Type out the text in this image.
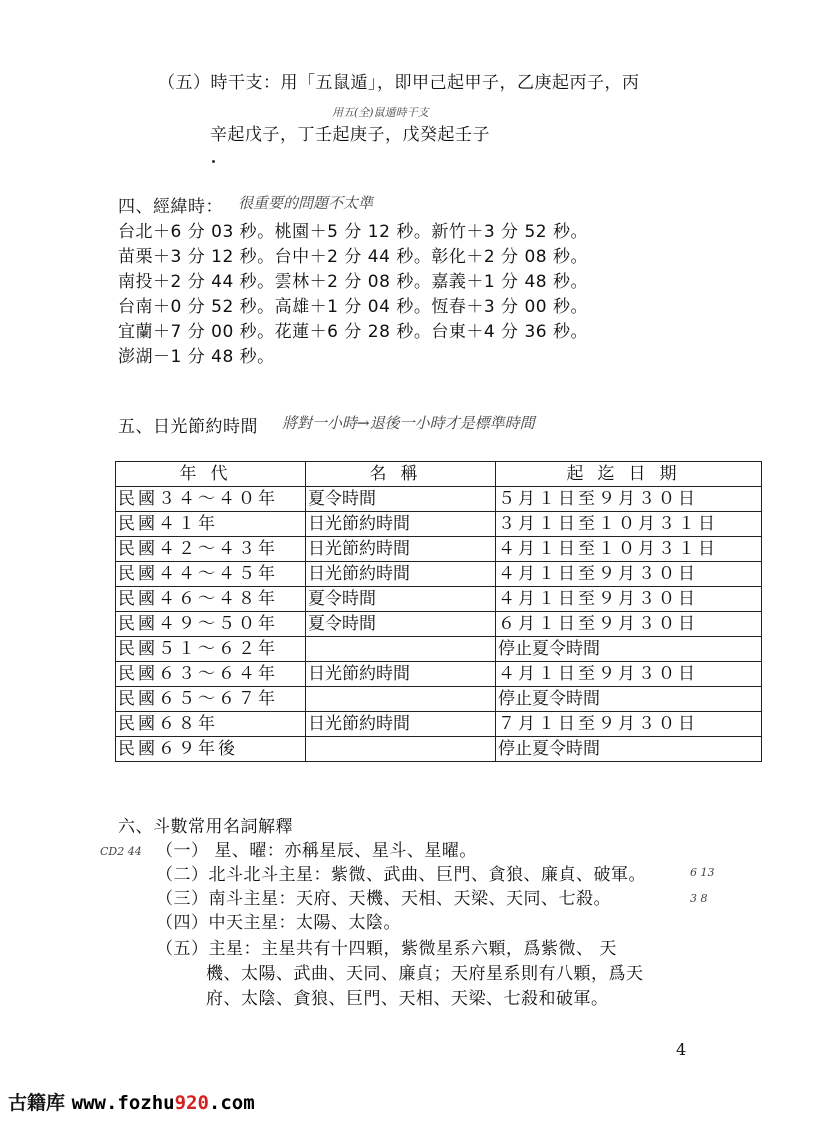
（五）時干支：用「五鼠遁」，即甲己起甲子，乙庚起丙子，丙
用五(全)鼠遁時干支
辛起戊子，丁壬起庚子，戊癸起壬子
四、經緯時： 很重要的問題不太準
台北＋6 分 03 秒。桃園＋5 分 12 秒。新竹＋3 分 52 秒。
苗栗＋3 分 12 秒。台中＋2 分 44 秒。彰化＋2 分 08 秒。
南投＋2 分 44 秒。雲林＋2 分 08 秒。嘉義＋1 分 48 秒。
台南＋0 分 52 秒。高雄＋1 分 04 秒。恆春＋3 分 00 秒。
宜蘭＋7 分 00 秒。花蓮＋6 分 28 秒。台東＋4 分 36 秒。
澎湖－1 分 48 秒。
五、日光節約時間 將對一小時→退後一小時才是標準時間
年代	名稱	起迄日期
民國３４～４０年	夏令時間	５月１日至９月３０日
民國４１年	日光節約時間	３月１日至１０月３１日
民國４２～４３年	日光節約時間	４月１日至１０月３１日
民國４４～４５年	日光節約時間	４月１日至９月３０日
民國４６～４８年	夏令時間	４月１日至９月３０日
民國４９～５０年	夏令時間	６月１日至９月３０日
民國５１～６２年		停止夏令時間
民國６３～６４年	日光節約時間	４月１日至９月３０日
民國６５～６７年		停止夏令時間
民國６８年	日光節約時間	７月１日至９月３０日
民國６９年後		停止夏令時間
六、斗數常用名詞解釋
CD2 44 （一） 星、曜：亦稱星辰、星斗、星曜。
（二）北斗北斗主星：紫微、武曲、巨門、貪狼、廉貞、破軍。	6 13
（三）南斗主星：天府、天機、天相、天梁、天同、七殺。	3 8
（四）中天主星：太陽、太陰。
（五）主星：主星共有十四顆，紫微星系六顆，爲紫微、 天
機、太陽、武曲、天同、廉貞；天府星系則有八顆，爲天
府、太陰、貪狼、巨門、天相、天梁、七殺和破軍。
4
古籍库 www.fozhu920.com
